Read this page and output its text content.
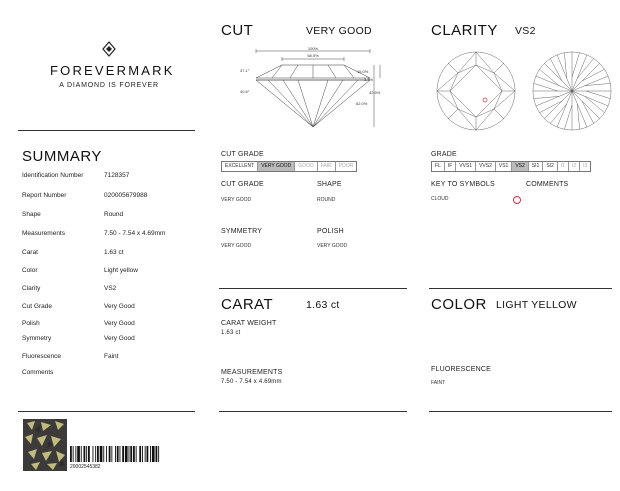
FOREVERMARK
A DIAMOND IS FOREVER
SUMMARY
Identification Number	7128357
Report Number	020005679988
Shape	Round
Measurements	7.50 - 7.54 x 4.69mm
Carat	1.63 ct
Color	Light yellow
Clarity	VS2
Cut Grade	Very Good
Polish	Very Good
Symmetry	Very Good
Fluorescence	Faint
Comments
20002545382
CUT	VERY GOOD
100%
58.5%
37.1°
40.6°
15.0%
3.4%
42.5%
62.0%
CUT GRADE
EXCELLENT	VERY GOOD	GOOD	FAIR	POOR
CUT GRADE
VERY GOOD
SHAPE
ROUND
SYMMETRY
VERY GOOD
POLISH
VERY GOOD
CARAT	1.63 ct
CARAT WEIGHT
1.63 ct
MEASUREMENTS
7.50 - 7.54 x 4.69mm
CLARITY VS2
GRADE
FL	IF	VVS1	VVS2	VS1	VS2	SI1	SI2	I1	I2	I3
KEY TO SYMBOLS
CLOUD
COMMENTS
COLOR LIGHT YELLOW
FLUORESCENCE
FAINT
